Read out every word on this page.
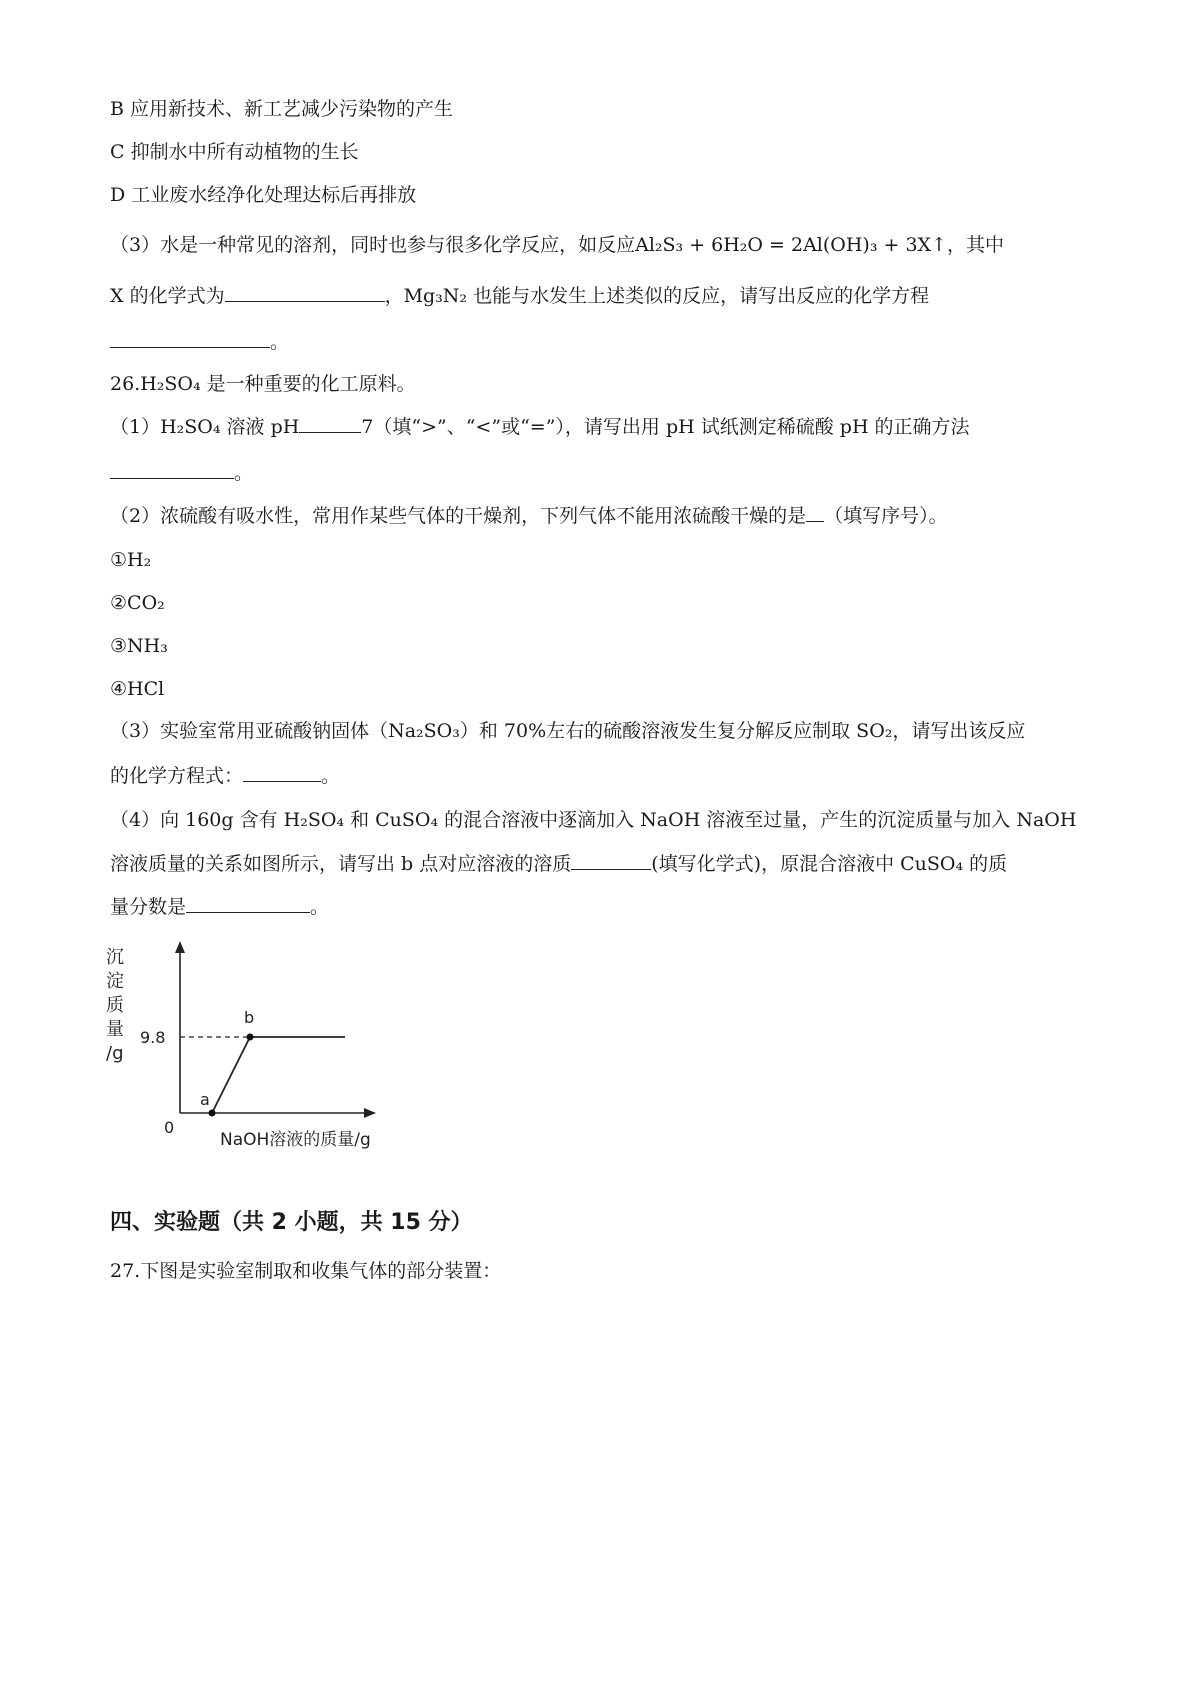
B 应用新技术、新工艺减少污染物的产生
C 抑制水中所有动植物的生长
D 工业废水经净化处理达标后再排放
（3）水是一种常见的溶剂，同时也参与很多化学反应，如反应Al₂S₃ + 6H₂O = 2Al(OH)₃ + 3X↑，其中
X 的化学式为	，Mg₃N₂ 也能与水发生上述类似的反应，请写出反应的化学方程
。
26.H₂SO₄ 是一种重要的化工原料。
（1）H₂SO₄ 溶液 pH	7（填“>”、“<”或“=”），请写出用 pH 试纸测定稀硫酸 pH 的正确方法
。
（2）浓硫酸有吸水性，常用作某些气体的干燥剂，下列气体不能用浓硫酸干燥的是 （填写序号）。
①H₂
②CO₂
③NH₃
④HCl
（3）实验室常用亚硫酸钠固体（Na₂SO₃）和 70%左右的硫酸溶液发生复分解反应制取 SO₂，请写出该反应
的化学方程式：	。
（4）向 160g 含有 H₂SO₄ 和 CuSO₄ 的混合溶液中逐滴加入 NaOH 溶液至过量，产生的沉淀质量与加入 NaOH
溶液质量的关系如图所示，请写出 b 点对应溶液的溶质	(填写化学式)，原混合溶液中 CuSO₄ 的质
量分数是	。
沉淀质量/g
0
NaOH溶液的质量/g
9.8
a
b
四、实验题（共 2 小题，共 15 分）
27.下图是实验室制取和收集气体的部分装置：
